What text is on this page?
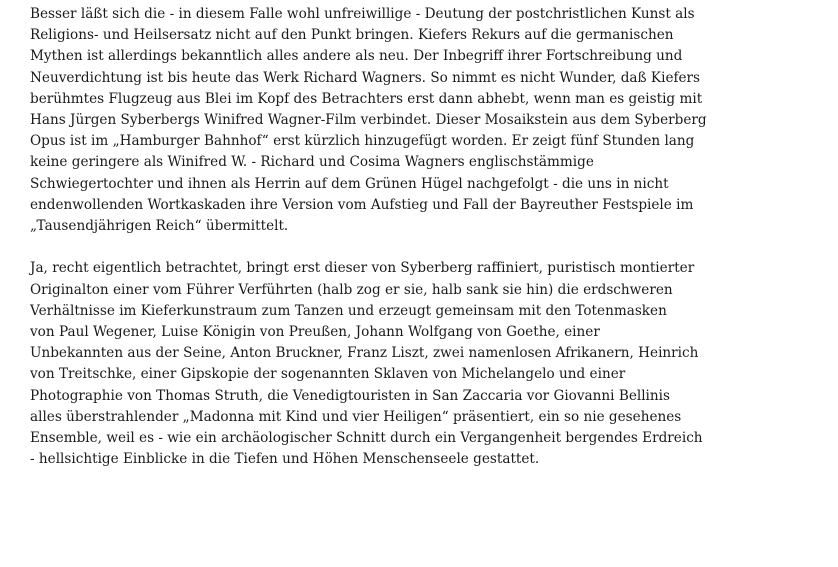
Besser läßt sich die - in diesem Falle wohl unfreiwillige - Deutung der postchristlichen Kunst als
Religions- und Heilsersatz nicht auf den Punkt bringen. Kiefers Rekurs auf die germanischen
Mythen ist allerdings bekanntlich alles andere als neu. Der Inbegriff ihrer Fortschreibung und
Neuverdichtung ist bis heute das Werk Richard Wagners. So nimmt es nicht Wunder, daß Kiefers
berühmtes Flugzeug aus Blei im Kopf des Betrachters erst dann abhebt, wenn man es geistig mit
Hans Jürgen Syberbergs Winifred Wagner-Film verbindet. Dieser Mosaikstein aus dem Syberberg
Opus ist im „Hamburger Bahnhof“ erst kürzlich hinzugefügt worden. Er zeigt fünf Stunden lang
keine geringere als Winifred W. - Richard und Cosima Wagners englischstämmige
Schwiegertochter und ihnen als Herrin auf dem Grünen Hügel nachgefolgt - die uns in nicht
endenwollenden Wortkaskaden ihre Version vom Aufstieg und Fall der Bayreuther Festspiele im
„Tausendjährigen Reich“ übermittelt.

Ja, recht eigentlich betrachtet, bringt erst dieser von Syberberg raffiniert, puristisch montierter
Originalton einer vom Führer Verführten (halb zog er sie, halb sank sie hin) die erdschweren
Verhältnisse im Kieferkunstraum zum Tanzen und erzeugt gemeinsam mit den Totenmasken
von Paul Wegener, Luise Königin von Preußen, Johann Wolfgang von Goethe, einer
Unbekannten aus der Seine, Anton Bruckner, Franz Liszt, zwei namenlosen Afrikanern, Heinrich
von Treitschke, einer Gipskopie der sogenannten Sklaven von Michelangelo und einer
Photographie von Thomas Struth, die Venedigtouristen in San Zaccaria vor Giovanni Bellinis
alles überstrahlender „Madonna mit Kind und vier Heiligen“ präsentiert, ein so nie gesehenes
Ensemble, weil es - wie ein archäologischer Schnitt durch ein Vergangenheit bergendes Erdreich
- hellsichtige Einblicke in die Tiefen und Höhen Menschenseele gestattet.
